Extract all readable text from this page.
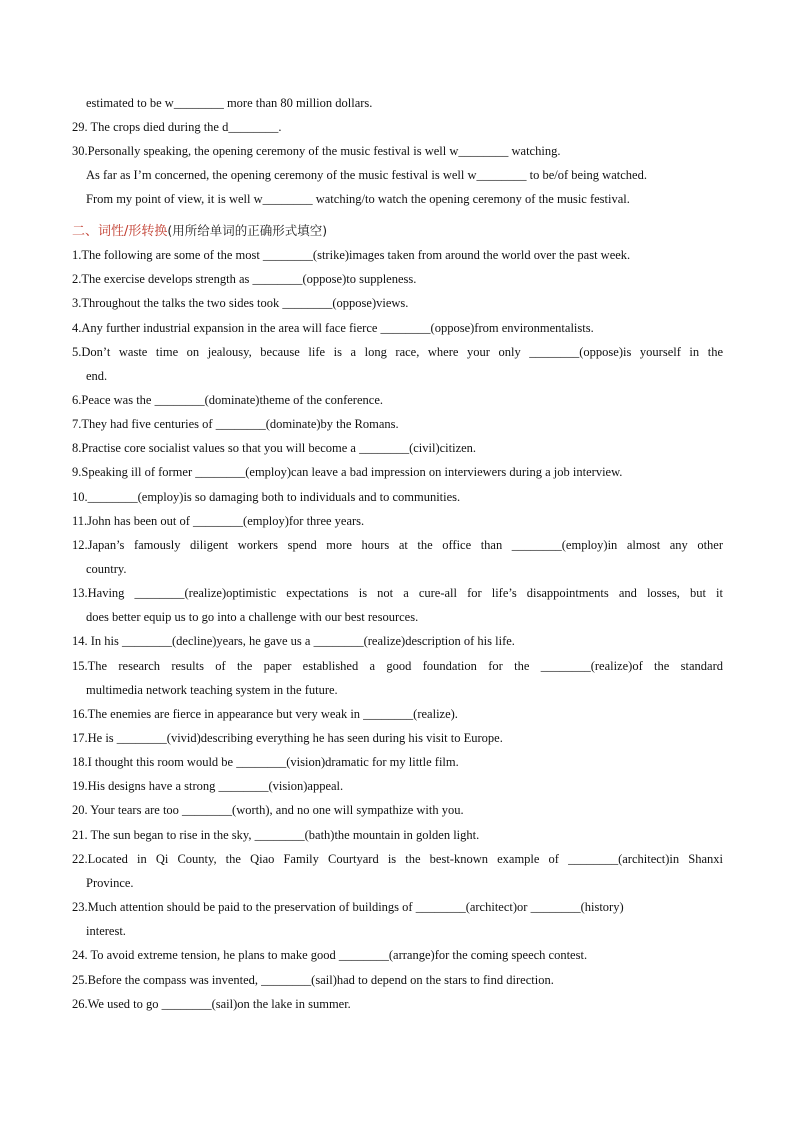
estimated to be w________ more than 80 million dollars.
29. The crops died during the d________.
30.Personally speaking, the opening ceremony of the music festival is well w________ watching.
As far as I’m concerned, the opening ceremony of the music festival is well w________ to be/of being watched.
From my point of view, it is well w________ watching/to watch the opening ceremony of the music festival.
二、词性/形转换(用所给单词的正确形式填空)
1.The following are some of the most ________(strike)images taken from around the world over the past week.
2.The exercise develops strength as ________(oppose)to suppleness.
3.Throughout the talks the two sides took ________(oppose)views.
4.Any further industrial expansion in the area will face fierce ________(oppose)from environmentalists.
5.Don’t waste time on jealousy, because life is a long race, where your only ________(oppose)is yourself in the
end.
6.Peace was the ________(dominate)theme of the conference.
7.They had five centuries of ________(dominate)by the Romans.
8.Practise core socialist values so that you will become a ________(civil)citizen.
9.Speaking ill of former ________(employ)can leave a bad impression on interviewers during a job interview.
10.________(employ)is so damaging both to individuals and to communities.
11.John has been out of ________(employ)for three years.
12.Japan’s famously diligent workers spend more hours at the office than ________(employ)in almost any other
country.
13.Having ________(realize)optimistic expectations is not a cure-all for life’s disappointments and losses, but it
does better equip us to go into a challenge with our best resources.
14. In his ________(decline)years, he gave us a ________(realize)description of his life.
15.The research results of the paper established a good foundation for the ________(realize)of the standard
multimedia network teaching system in the future.
16.The enemies are fierce in appearance but very weak in ________(realize).
17.He is ________(vivid)describing everything he has seen during his visit to Europe.
18.I thought this room would be ________(vision)dramatic for my little film.
19.His designs have a strong ________(vision)appeal.
20. Your tears are too ________(worth), and no one will sympathize with you.
21. The sun began to rise in the sky, ________(bath)the mountain in golden light.
22.Located in Qi County, the Qiao Family Courtyard is the best-known example of ________(architect)in Shanxi
Province.
23.Much attention should be paid to the preservation of buildings of ________(architect)or ________(history)
interest.
24. To avoid extreme tension, he plans to make good ________(arrange)for the coming speech contest.
25.Before the compass was invented, ________(sail)had to depend on the stars to find direction.
26.We used to go ________(sail)on the lake in summer.
